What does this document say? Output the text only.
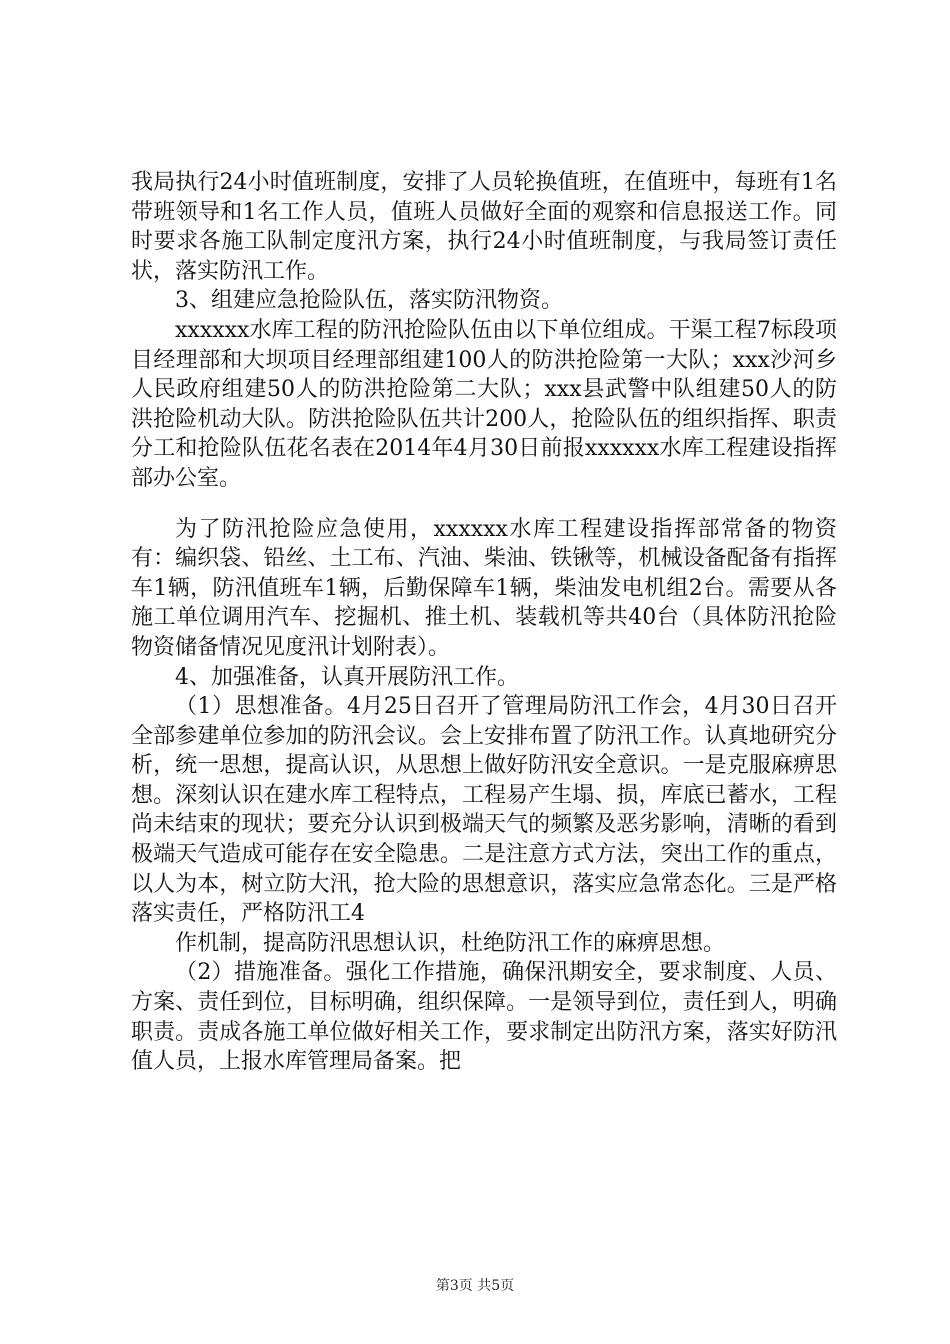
我局执行24小时值班制度，安排了人员轮换值班，在值班中，每班有1名带班领导和1名工作人员，值班人员做好全面的观察和信息报送工作。同时要求各施工队制定度汛方案，执行24小时值班制度，与我局签订责任状，落实防汛工作。

3、组建应急抢险队伍，落实防汛物资。

xxxxxx水库工程的防汛抢险队伍由以下单位组成。干渠工程7标段项目经理部和大坝项目经理部组建100人的防洪抢险第一大队；xxx沙河乡人民政府组建50人的防洪抢险第二大队；xxx县武警中队组建50人的防洪抢险机动大队。防洪抢险队伍共计200人，抢险队伍的组织指挥、职责分工和抢险队伍花名表在2014年4月30日前报xxxxxx水库工程建设指挥部办公室。

为了防汛抢险应急使用，xxxxxx水库工程建设指挥部常备的物资有：编织袋、铅丝、土工布、汽油、柴油、铁锹等，机械设备配备有指挥车1辆，防汛值班车1辆，后勤保障车1辆，柴油发电机组2台。需要从各施工单位调用汽车、挖掘机、推土机、装载机等共40台（具体防汛抢险物资储备情况见度汛计划附表）。

4、加强准备，认真开展防汛工作。

（1）思想准备。4月25日召开了管理局防汛工作会，4月30日召开全部参建单位参加的防汛会议。会上安排布置了防汛工作。认真地研究分析，统一思想，提高认识，从思想上做好防汛安全意识。一是克服麻痹思想。深刻认识在建水库工程特点，工程易产生塌、损，库底已蓄水，工程尚未结束的现状；要充分认识到极端天气的频繁及恶劣影响，清晰的看到极端天气造成可能存在安全隐患。二是注意方式方法，突出工作的重点，以人为本，树立防大汛，抢大险的思想意识，落实应急常态化。三是严格落实责任，严格防汛工4

作机制，提高防汛思想认识，杜绝防汛工作的麻痹思想。

（2）措施准备。强化工作措施，确保汛期安全，要求制度、人员、方案、责任到位，目标明确，组织保障。一是领导到位，责任到人，明确职责。责成各施工单位做好相关工作，要求制定出防汛方案，落实好防汛值人员，上报水库管理局备案。把

第3页 共5页
